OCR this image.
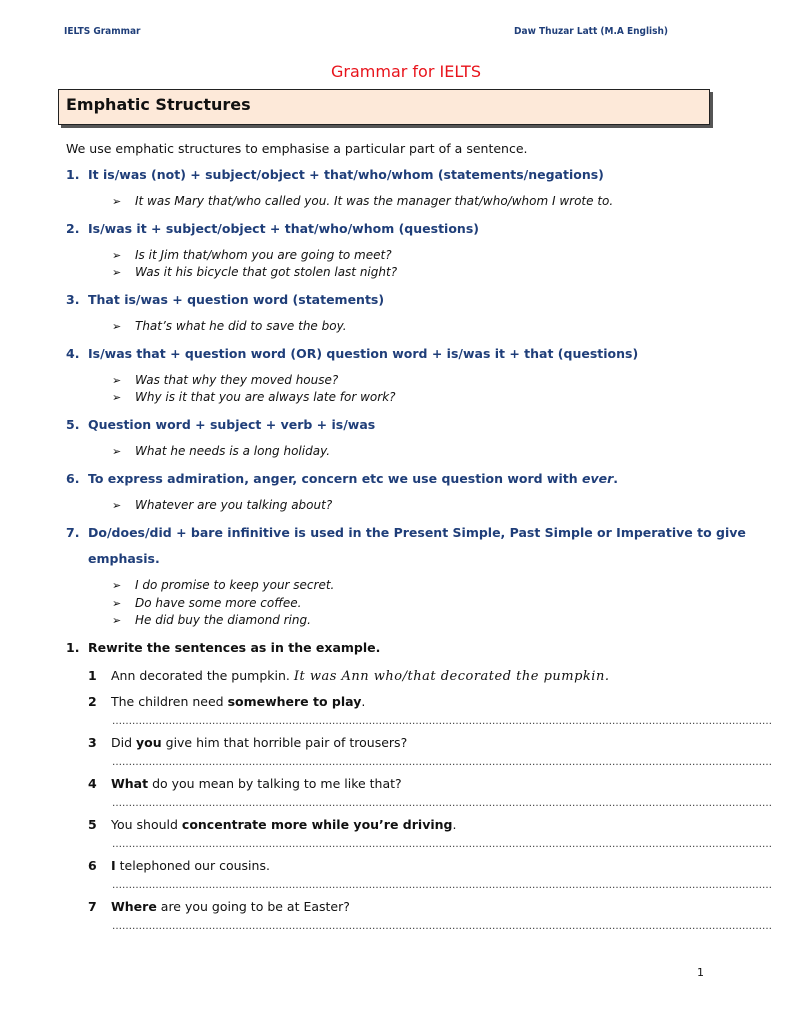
IELTS Grammar	Daw Thuzar Latt (M.A English)
Grammar for IELTS
Emphatic Structures
We use emphatic structures to emphasise a particular part of a sentence.
1. It is/was (not) + subject/object + that/who/whom (statements/negations)
➢ It was Mary that/who called you. It was the manager that/who/whom I wrote to.
2. Is/was it + subject/object + that/who/whom (questions)
➢ Is it Jim that/whom you are going to meet?
➢ Was it his bicycle that got stolen last night?
3. That is/was + question word (statements)
➢ That’s what he did to save the boy.
4. Is/was that + question word (OR) question word + is/was it + that (questions)
➢ Was that why they moved house?
➢ Why is it that you are always late for work?
5. Question word + subject + verb + is/was
➢ What he needs is a long holiday.
6. To express admiration, anger, concern etc we use question word with ever.
➢ Whatever are you talking about?
7. Do/does/did + bare infinitive is used in the Present Simple, Past Simple or Imperative to give
emphasis.
➢ I do promise to keep your secret.
➢ Do have some more coffee.
➢ He did buy the diamond ring.
1. Rewrite the sentences as in the example.
1 Ann decorated the pumpkin. It was Ann who/that decorated the pumpkin.
2 The children need somewhere to play.
………………………………………………………………………………………………………………………………………………………………………………
3 Did you give him that horrible pair of trousers?
………………………………………………………………………………………………………………………………………………………………………………
4 What do you mean by talking to me like that?
………………………………………………………………………………………………………………………………………………………………………………
5 You should concentrate more while you’re driving.
………………………………………………………………………………………………………………………………………………………………………………
6 I telephoned our cousins.
………………………………………………………………………………………………………………………………………………………………………………
7 Where are you going to be at Easter?
………………………………………………………………………………………………………………………………………………………………………………
1
